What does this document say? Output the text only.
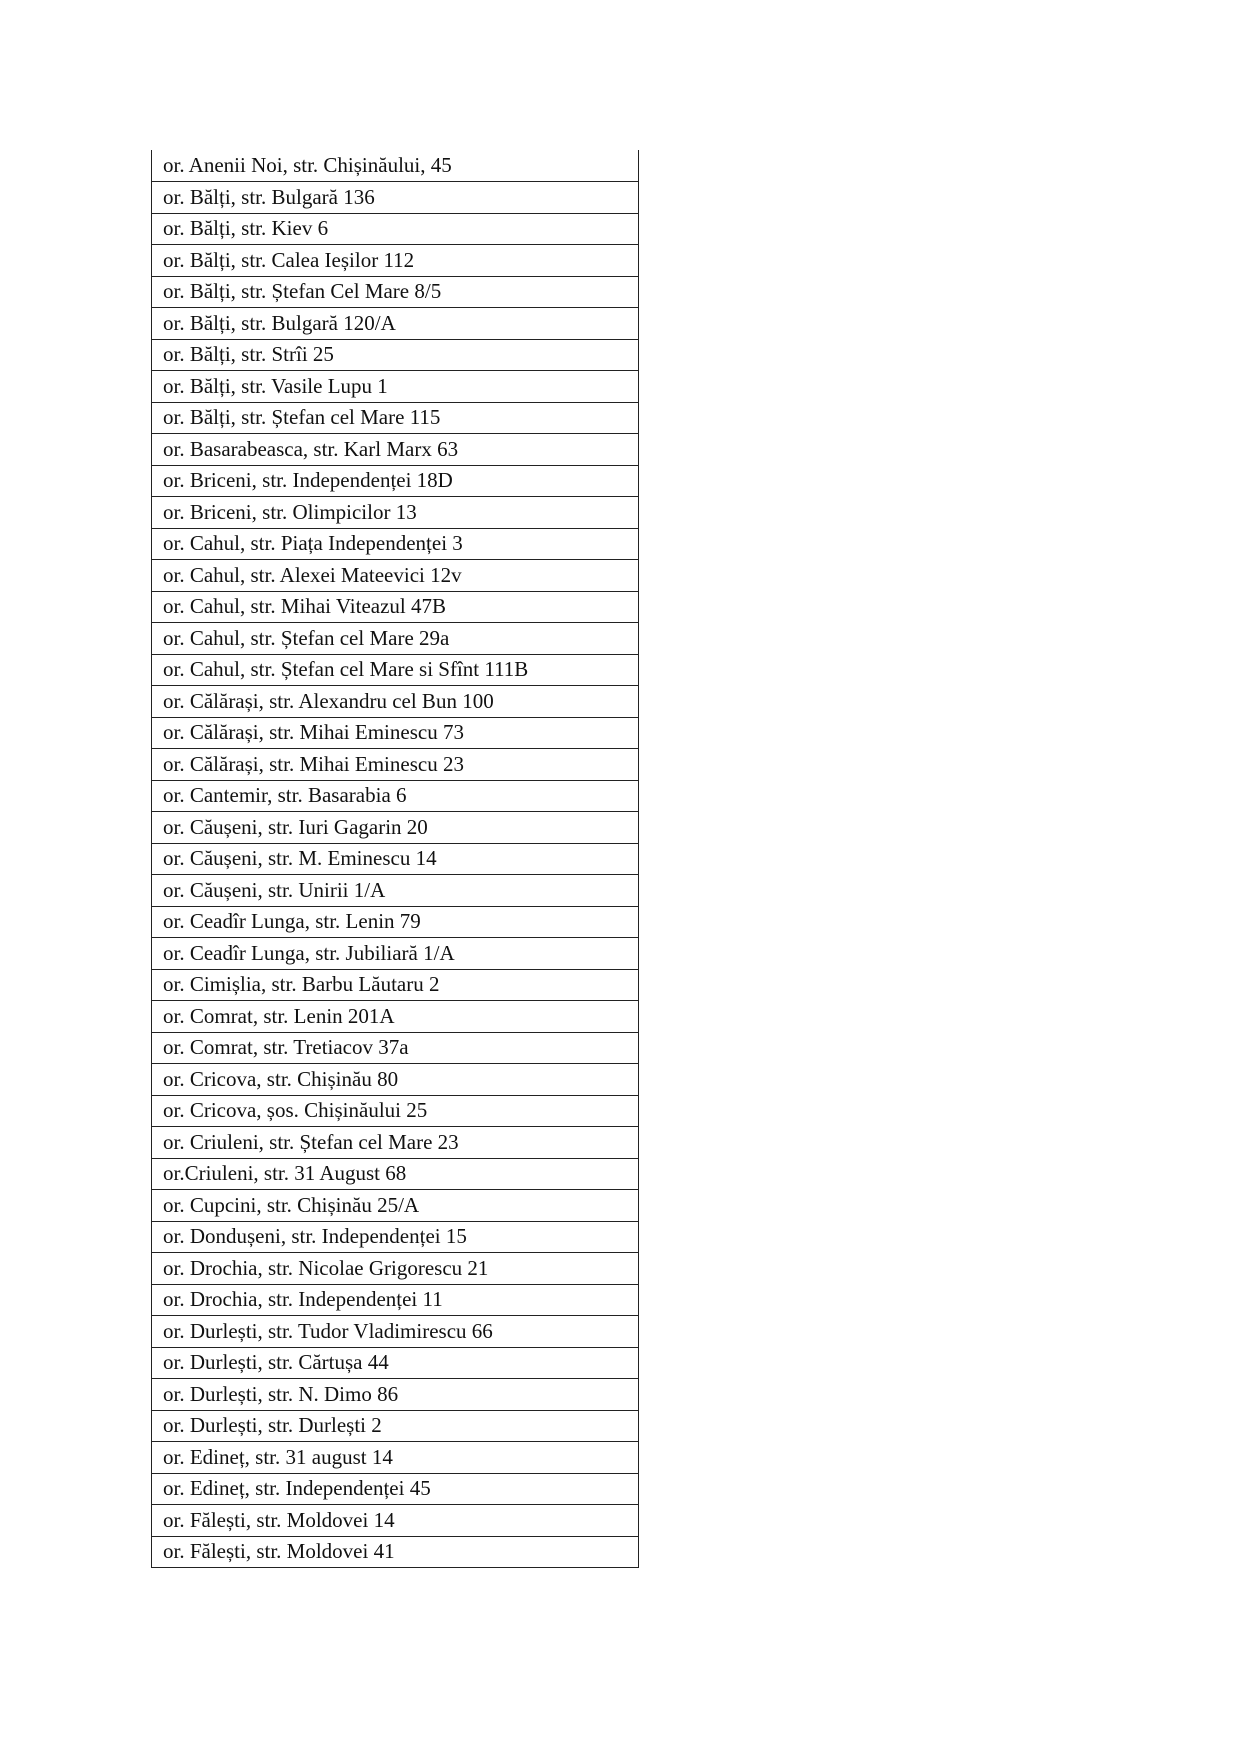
or. Anenii Noi, str. Chișinăului, 45
or. Bălți, str. Bulgară 136
or. Bălți, str. Kiev 6
or. Bălți, str. Calea Ieșilor 112
or. Bălți, str. Ștefan Cel Mare 8/5
or. Bălți, str. Bulgară 120/A
or. Bălți, str. Strîi 25
or. Bălți, str. Vasile Lupu 1
or. Bălți, str. Ștefan cel Mare 115
or. Basarabeasca, str. Karl Marx 63
or. Briceni, str. Independenței 18D
or. Briceni, str. Olimpicilor 13
or. Cahul, str. Piața Independenței 3
or. Cahul, str. Alexei Mateevici 12v
or. Cahul, str. Mihai Viteazul 47B
or. Cahul, str. Ștefan cel Mare 29a
or. Cahul, str. Ștefan cel Mare si Sfînt 111B
or. Călărași, str. Alexandru cel Bun 100
or. Călărași, str. Mihai Eminescu 73
or. Călărași, str. Mihai Eminescu 23
or. Cantemir, str. Basarabia 6
or. Căușeni, str. Iuri Gagarin 20
or. Căușeni, str. M. Eminescu 14
or. Căușeni, str. Unirii 1/A
or. Ceadîr Lunga, str. Lenin 79
or. Ceadîr Lunga, str. Jubiliară 1/A
or. Cimișlia, str. Barbu Lăutaru 2
or. Comrat, str. Lenin 201A
or. Comrat, str. Tretiacov 37a
or. Cricova, str. Chișinău 80
or. Cricova, șos. Chișinăului 25
or. Criuleni, str. Ștefan cel Mare 23
or.Criuleni, str. 31 August 68
or. Cupcini, str. Chișinău 25/A
or. Dondușeni, str. Independenței 15
or. Drochia, str. Nicolae Grigorescu 21
or. Drochia, str. Independenței 11
or. Durlești, str. Tudor Vladimirescu 66
or. Durlești, str. Cărtușa 44
or. Durlești, str. N. Dimo 86
or. Durlești, str. Durlești 2
or. Edineț, str. 31 august 14
or. Edineț, str. Independenței 45
or. Fălești, str. Moldovei 14
or. Fălești, str. Moldovei 41
